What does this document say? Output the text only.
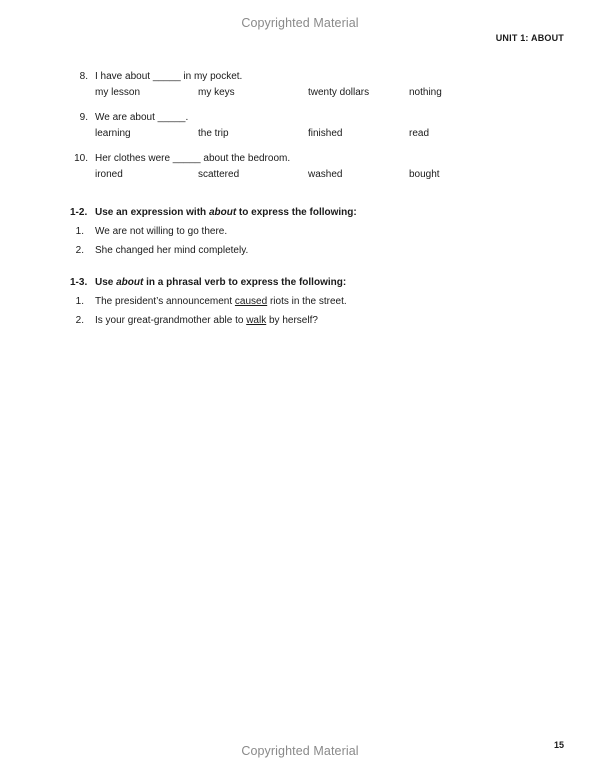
Copyrighted Material
UNIT 1: ABOUT
8. I have about _____ in my pocket.
my lesson	my keys	twenty dollars	nothing
9. We are about _____.
learning	the trip	finished	read
10. Her clothes were _____ about the bedroom.
ironed	scattered	washed	bought
1-2. Use an expression with about to express the following:
1. We are not willing to go there.
2. She changed her mind completely.
1-3. Use about in a phrasal verb to express the following:
1. The president’s announcement caused riots in the street.
2. Is your great-grandmother able to walk by herself?
15
Copyrighted Material
